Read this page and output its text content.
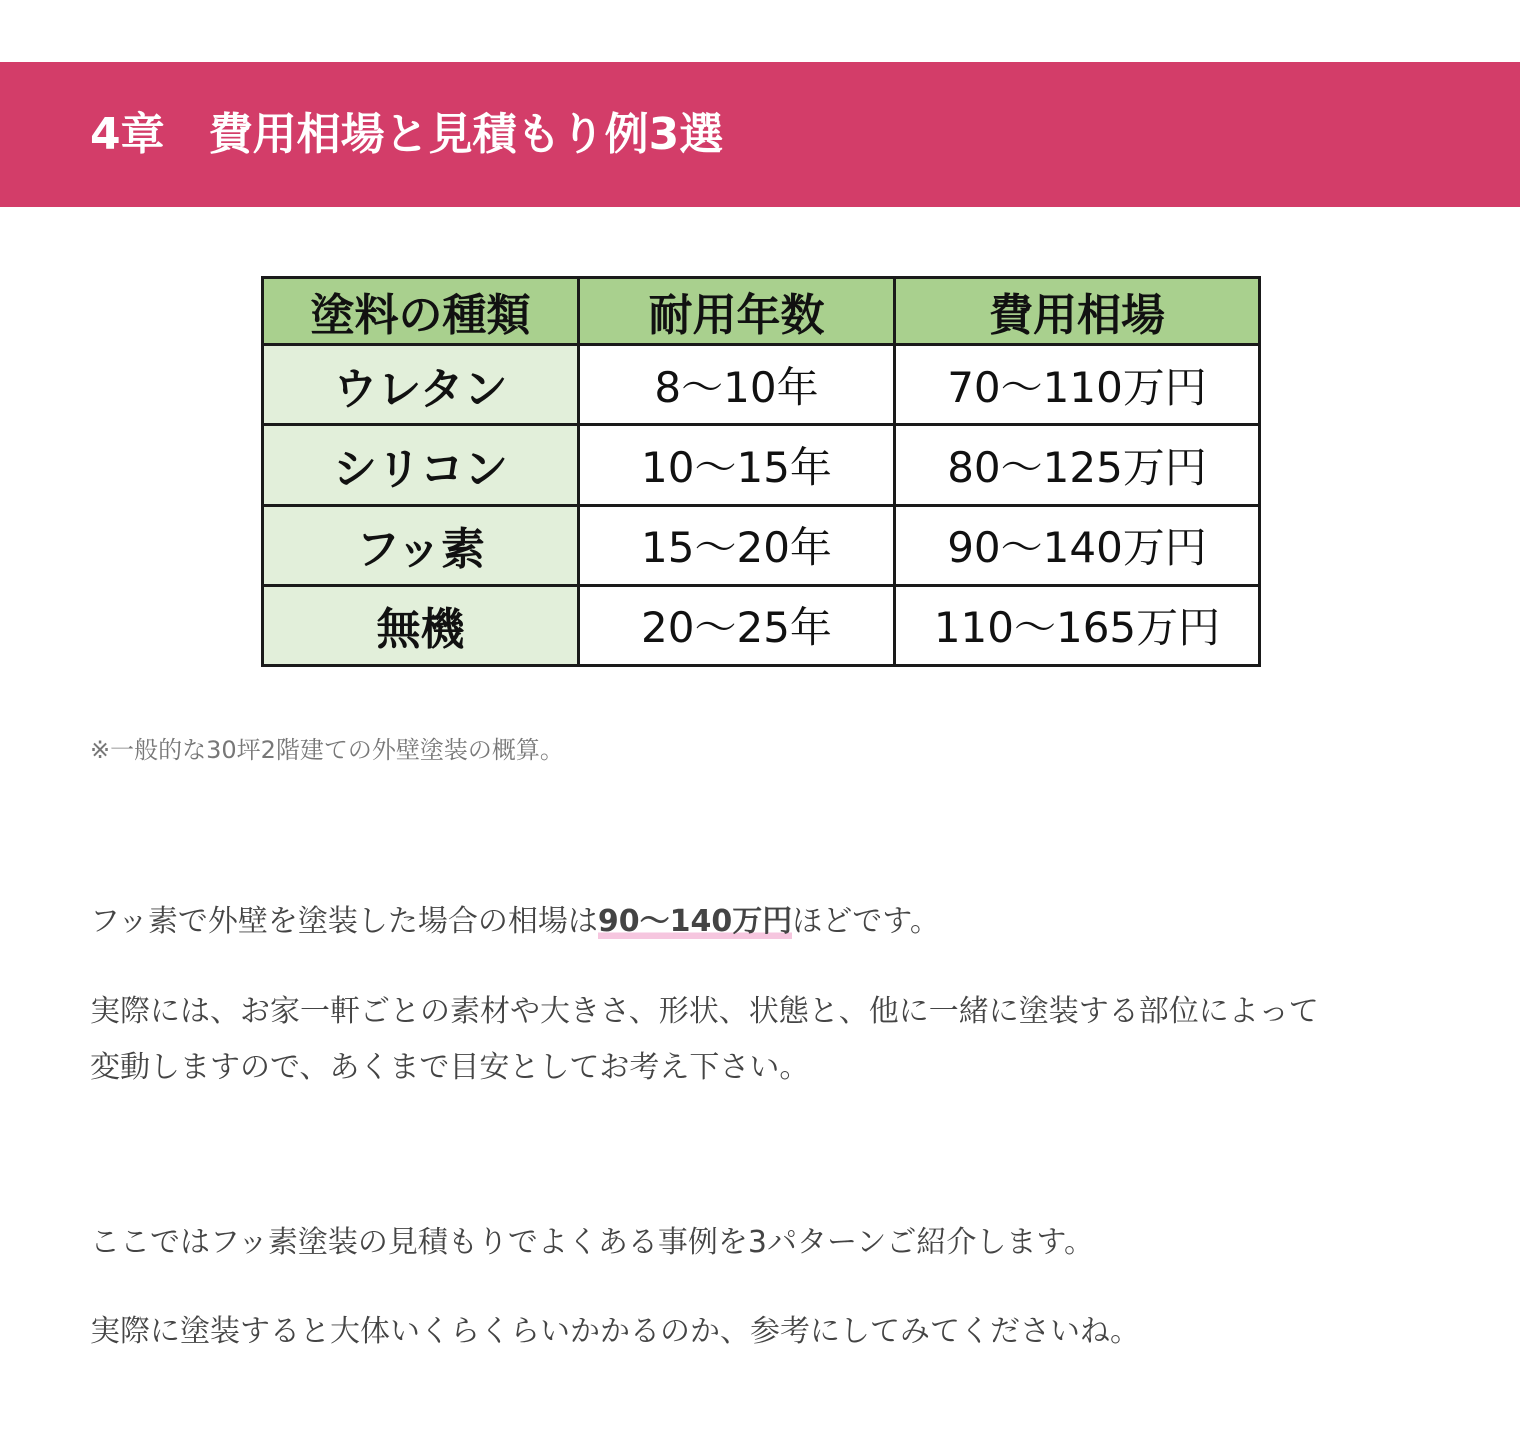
4章　費用相場と見積もり例3選
塗料の種類	耐用年数	費用相場
ウレタン	8～10年	70～110万円
シリコン	10～15年	80～125万円
フッ素	15～20年	90～140万円
無機	20～25年	110～165万円

※一般的な30坪2階建ての外壁塗装の概算。

フッ素で外壁を塗装した場合の相場は90～140万円ほどです。

実際には、お家一軒ごとの素材や大きさ、形状、状態と、他に一緒に塗装する部位によって
変動しますので、あくまで目安としてお考え下さい。

ここではフッ素塗装の見積もりでよくある事例を3パターンご紹介します。

実際に塗装すると大体いくらくらいかかるのか、参考にしてみてくださいね。
